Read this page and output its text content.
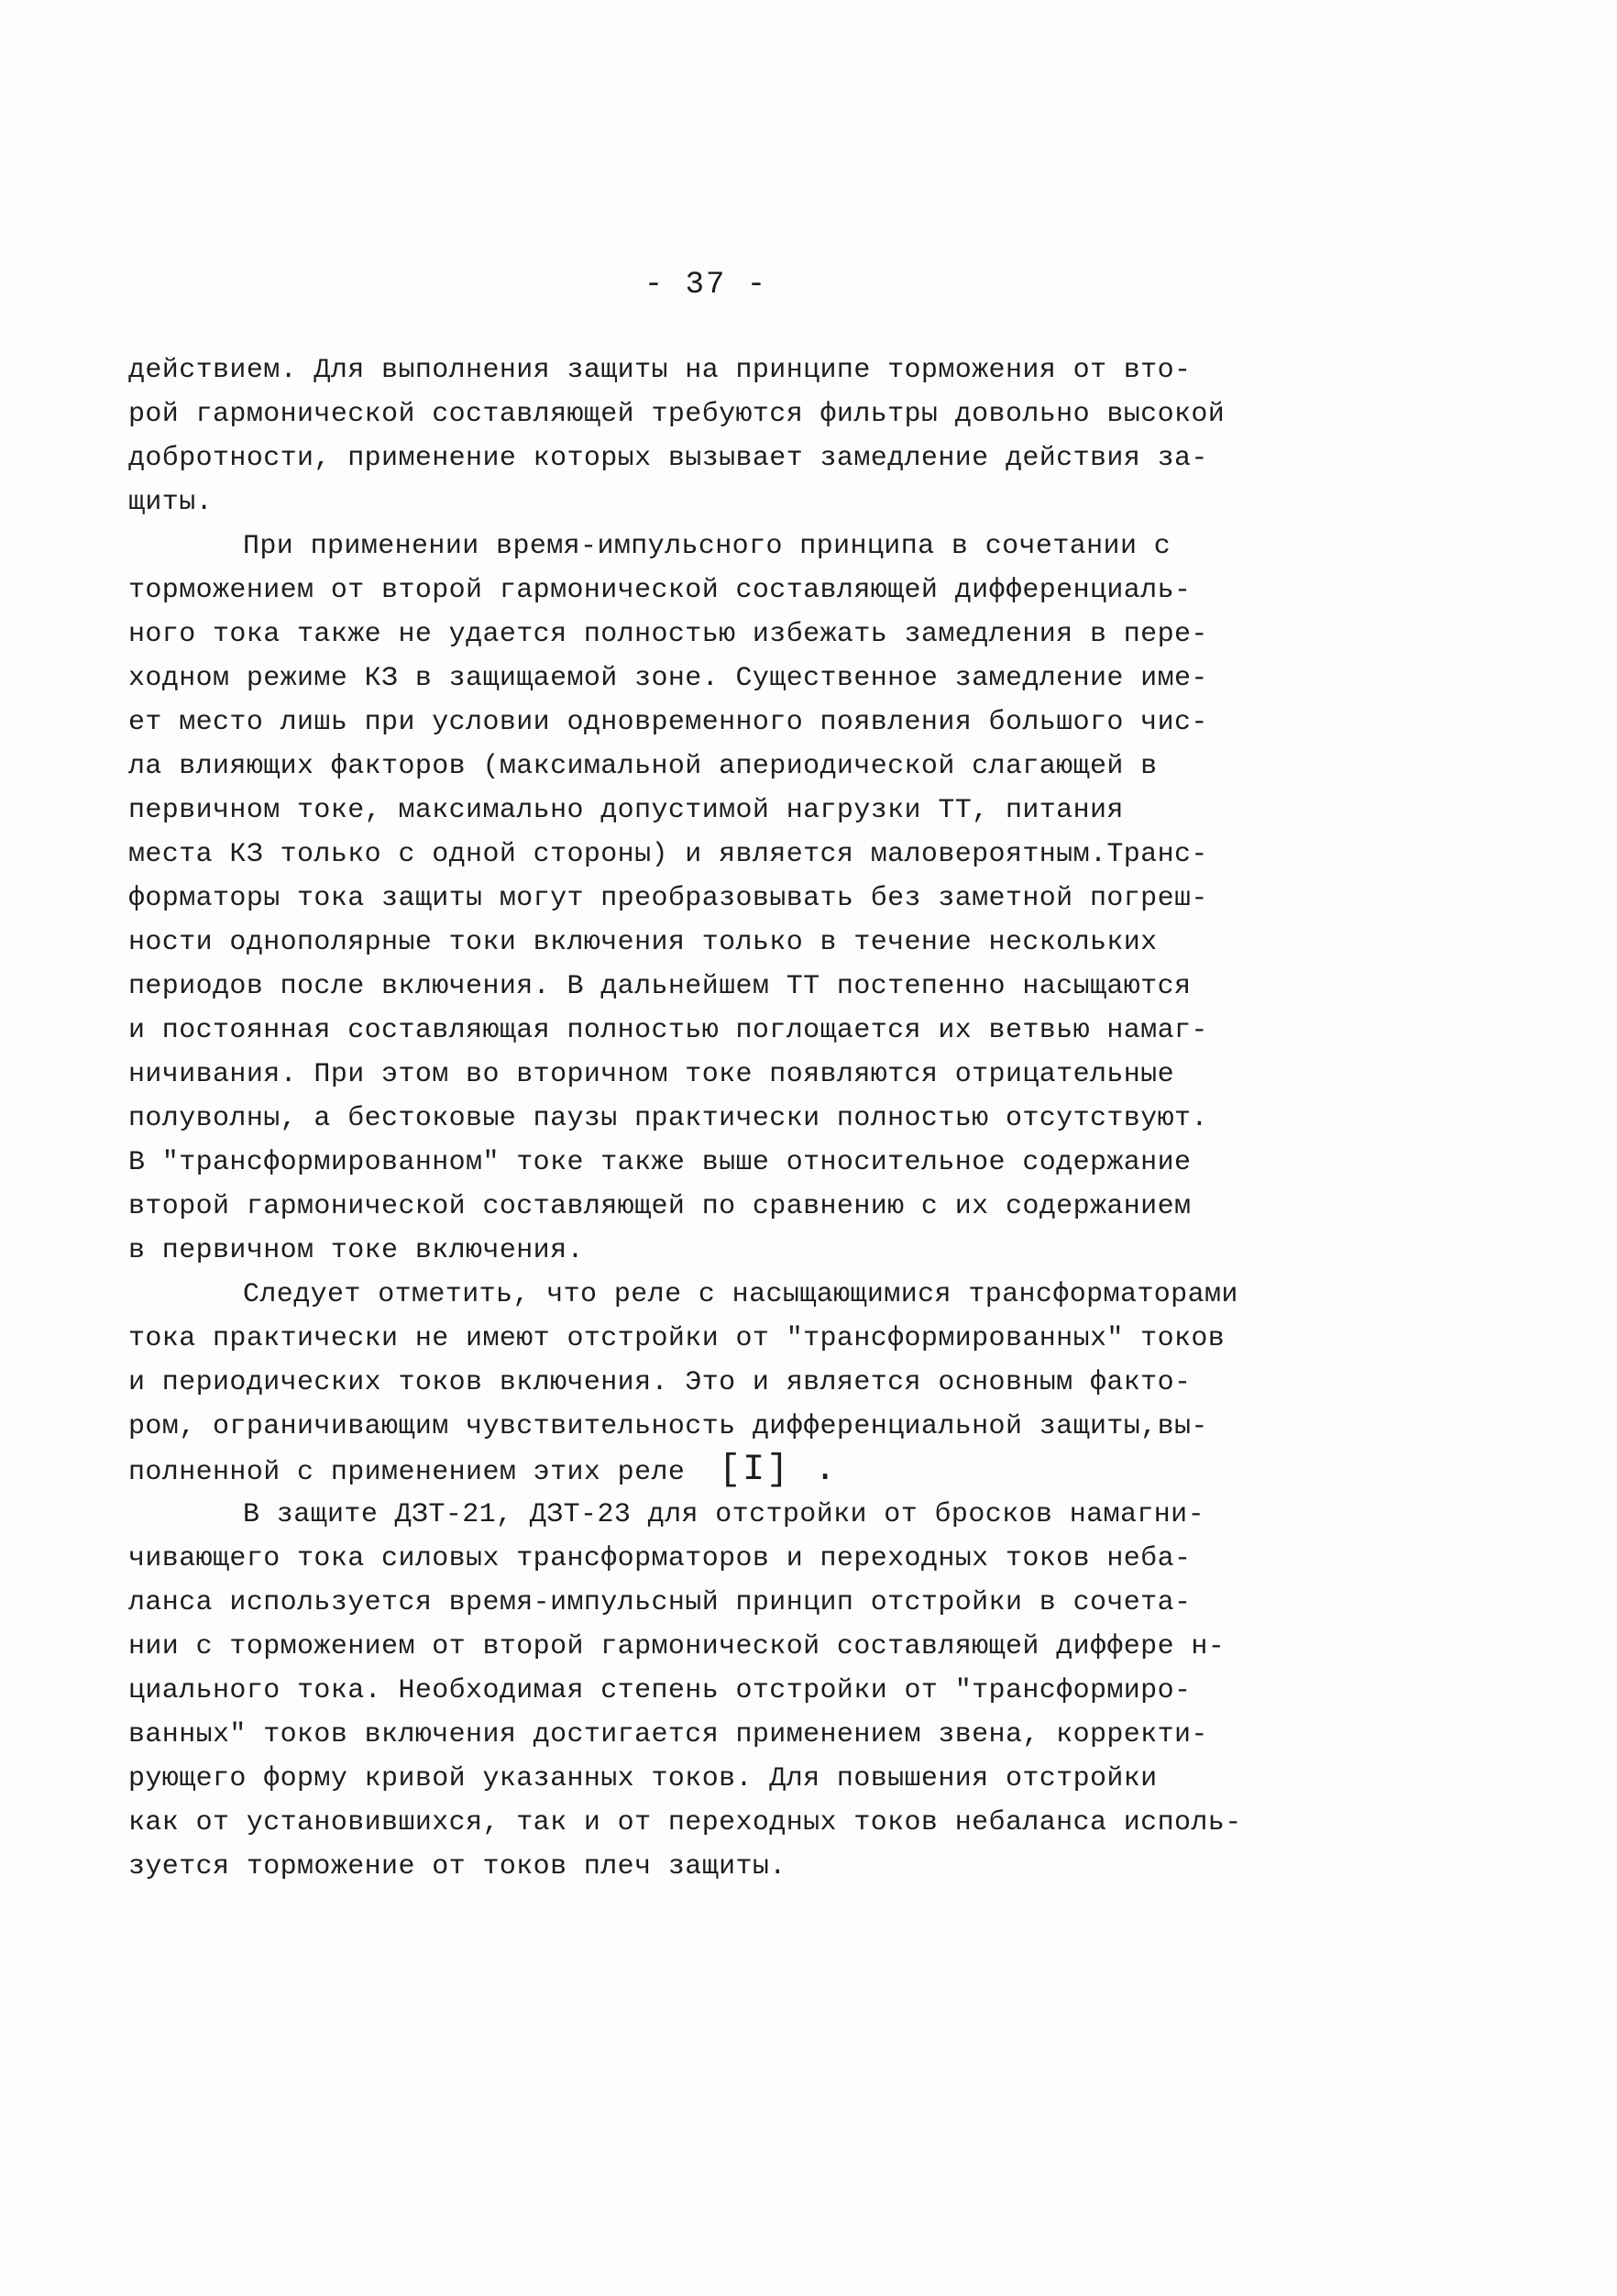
- 37 -
действием. Для выполнения защиты на принципе торможения от вто-
рой гармонической составляющей требуются фильтры довольно высокой
добротности, применение которых вызывает замедление действия за-
щиты.
При применении время-импульсного принципа в сочетании с
торможением от второй гармонической составляющей дифференциаль-
ного тока также не удается полностью избежать замедления в пере-
ходном режиме КЗ в защищаемой зоне. Существенное замедление име-
ет место лишь при условии одновременного появления большого чис-
ла влияющих факторов (максимальной апериодической слагающей в
первичном токе, максимально допустимой нагрузки ТТ, питания
места КЗ только с одной стороны) и является маловероятным.Транс-
форматоры тока защиты могут преобразовывать без заметной погреш-
ности однополярные токи включения только в течение нескольких
периодов после включения. В дальнейшем ТТ постепенно насыщаются
и постоянная составляющая полностью поглощается их ветвью намаг-
ничивания. При этом во вторичном токе появляются отрицательные
полуволны, а бестоковые паузы практически полностью отсутствуют.
В "трансформированном" токе также выше относительное содержание
второй гармонической составляющей по сравнению с их содержанием
в первичном токе включения.
Следует отметить, что реле с насыщающимися трансформаторами
тока практически не имеют отстройки от "трансформированных" токов
и периодических токов включения. Это и является основным факто-
ром, ограничивающим чувствительность дифференциальной защиты,вы-
полненной с применением этих реле [I] .
В защите ДЗТ-21, ДЗТ-23 для отстройки от бросков намагни-
чивающего тока силовых трансформаторов и переходных токов неба-
ланса используется время-импульсный принцип отстройки в сочета-
нии с торможением от второй гармонической составляющей диффере н-
циального тока. Необходимая степень отстройки от "трансформиро-
ванных" токов включения достигается применением звена, корректи-
рующего форму кривой указанных токов. Для повышения отстройки
как от установившихся, так и от переходных токов небаланса исполь-
зуется торможение от токов плеч защиты.
